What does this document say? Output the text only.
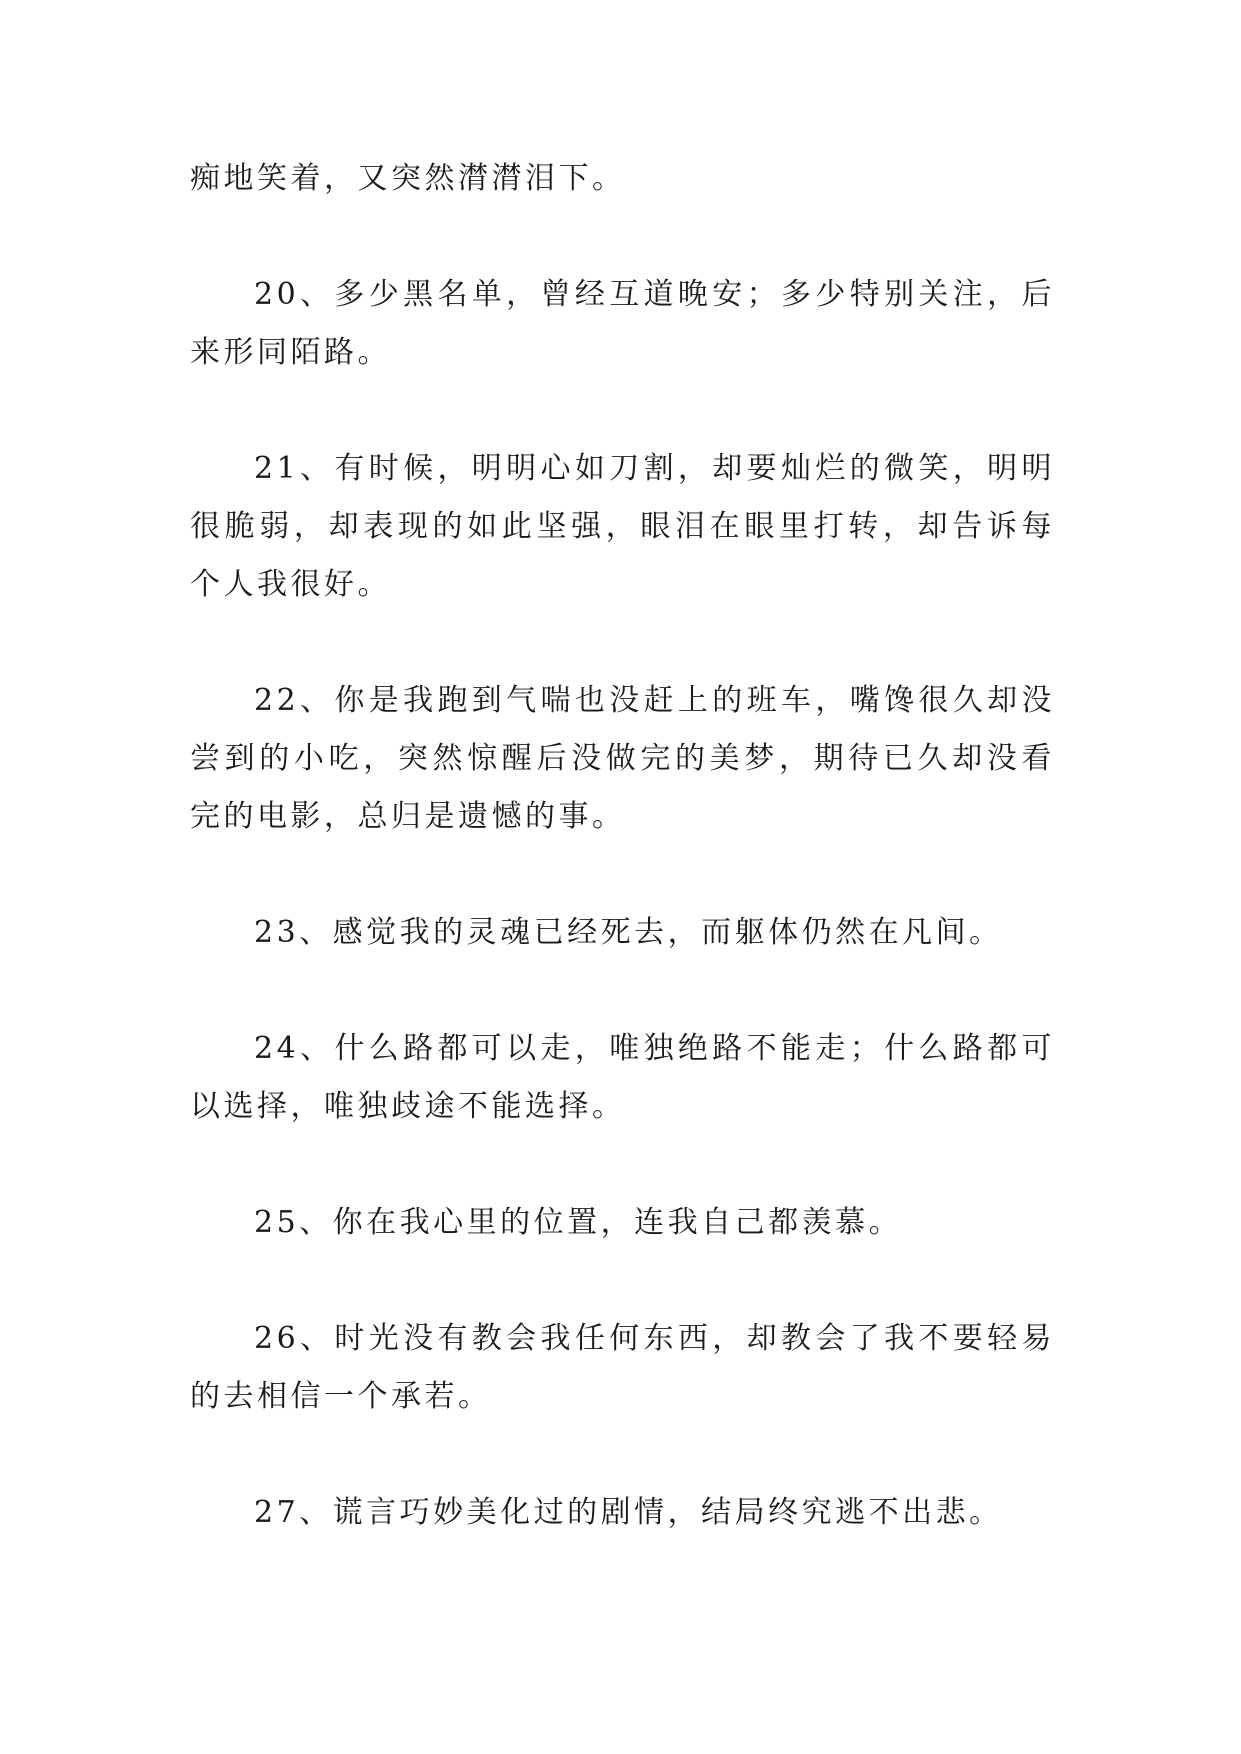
痴地笑着，又突然潸潸泪下。

20、多少黑名单，曾经互道晚安；多少特别关注，后来形同陌路。

21、有时候，明明心如刀割，却要灿烂的微笑，明明很脆弱，却表现的如此坚强，眼泪在眼里打转，却告诉每个人我很好。

22、你是我跑到气喘也没赶上的班车，嘴馋很久却没尝到的小吃，突然惊醒后没做完的美梦，期待已久却没看完的电影，总归是遗憾的事。

23、感觉我的灵魂已经死去，而躯体仍然在凡间。

24、什么路都可以走，唯独绝路不能走；什么路都可以选择，唯独歧途不能选择。

25、你在我心里的位置，连我自己都羡慕。

26、时光没有教会我任何东西，却教会了我不要轻易的去相信一个承若。

27、谎言巧妙美化过的剧情，结局终究逃不出悲。
